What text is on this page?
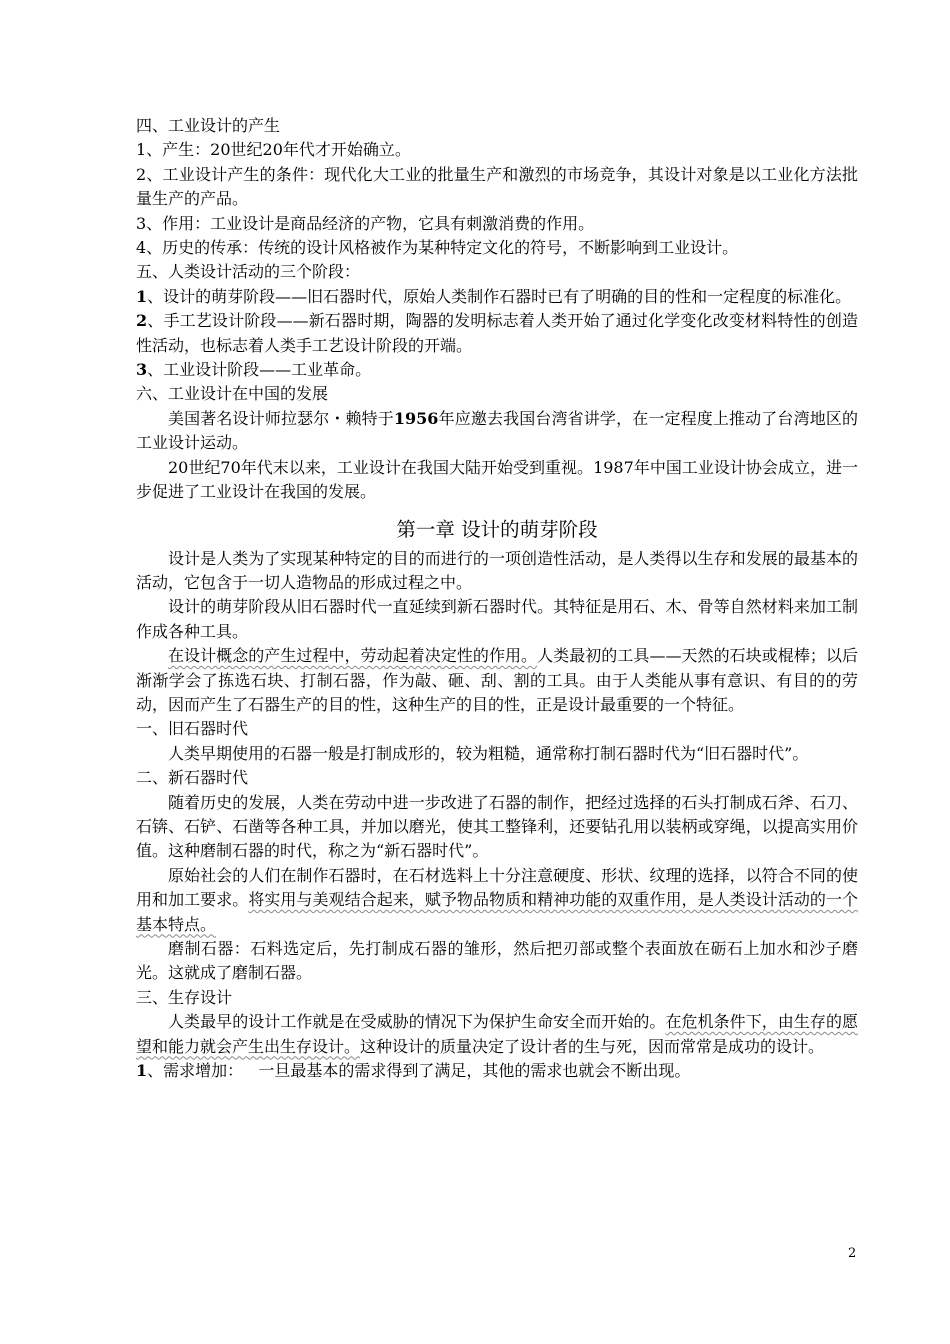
四、工业设计的产生

1、产生：20世纪20年代才开始确立。

2、工业设计产生的条件：现代化大工业的批量生产和激烈的市场竞争，其设计对象是以工业化方法批量生产的产品。

3、作用：工业设计是商品经济的产物，它具有刺激消费的作用。

4、历史的传承：传统的设计风格被作为某种特定文化的符号，不断影响到工业设计。

五、人类设计活动的三个阶段：

1、设计的萌芽阶段——旧石器时代，原始人类制作石器时已有了明确的目的性和一定程度的标准化。

2、手工艺设计阶段——新石器时期，陶器的发明标志着人类开始了通过化学变化改变材料特性的创造性活动，也标志着人类手工艺设计阶段的开端。

3、工业设计阶段——工业革命。

六、工业设计在中国的发展

美国著名设计师拉瑟尔・赖特于1956年应邀去我国台湾省讲学，在一定程度上推动了台湾地区的工业设计运动。

20世纪70年代末以来，工业设计在我国大陆开始受到重视。1987年中国工业设计协会成立，进一步促进了工业设计在我国的发展。

第一章 设计的萌芽阶段

设计是人类为了实现某种特定的目的而进行的一项创造性活动，是人类得以生存和发展的最基本的活动，它包含于一切人造物品的形成过程之中。

设计的萌芽阶段从旧石器时代一直延续到新石器时代。其特征是用石、木、骨等自然材料来加工制作成各种工具。

在设计概念的产生过程中，劳动起着决定性的作用。人类最初的工具——天然的石块或棍棒；以后渐渐学会了拣选石块、打制石器，作为敲、砸、刮、割的工具。由于人类能从事有意识、有目的的劳动，因而产生了石器生产的目的性，这种生产的目的性，正是设计最重要的一个特征。

一、旧石器时代

人类早期使用的石器一般是打制成形的，较为粗糙，通常称打制石器时代为“旧石器时代”。

二、新石器时代

随着历史的发展，人类在劳动中进一步改进了石器的制作，把经过选择的石头打制成石斧、石刀、石锛、石铲、石凿等各种工具，并加以磨光，使其工整锋利，还要钻孔用以装柄或穿绳，以提高实用价值。这种磨制石器的时代，称之为“新石器时代”。

原始社会的人们在制作石器时，在石材选料上十分注意硬度、形状、纹理的选择，以符合不同的使用和加工要求。将实用与美观结合起来，赋予物品物质和精神功能的双重作用，是人类设计活动的一个基本特点。

磨制石器：石料选定后，先打制成石器的雏形，然后把刃部或整个表面放在砺石上加水和沙子磨光。这就成了磨制石器。

三、生存设计

人类最早的设计工作就是在受威胁的情况下为保护生命安全而开始的。在危机条件下，由生存的愿望和能力就会产生出生存设计。这种设计的质量决定了设计者的生与死，因而常常是成功的设计。

1、需求增加： 一旦最基本的需求得到了满足，其他的需求也就会不断出现。

2
